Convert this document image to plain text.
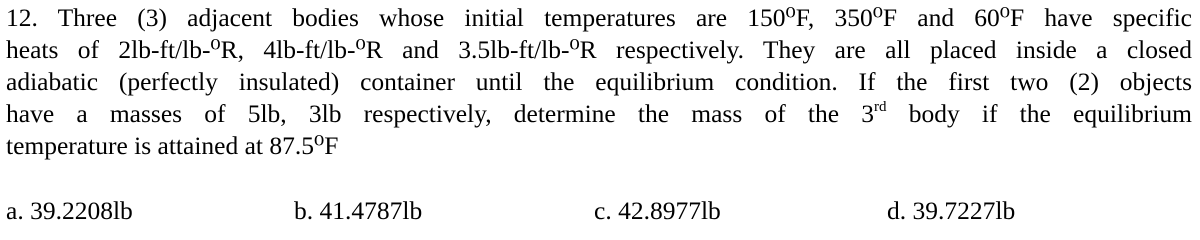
12. Three (3) adjacent bodies whose initial temperatures are 150⁰F, 350⁰F and 60⁰F have specific
heats of 2lb-ft/lb-⁰R, 4lb-ft/lb-⁰R and 3.5lb-ft/lb-⁰R respectively. They are all placed inside a closed
adiabatic (perfectly insulated) container until the equilibrium condition. If the first two (2) objects
have a masses of 5lb, 3lb respectively, determine the mass of the 3rd body if the equilibrium
temperature is attained at 87.5⁰F
a. 39.2208lb	b. 41.4787lb	c. 42.8977lb	d. 39.7227lb
